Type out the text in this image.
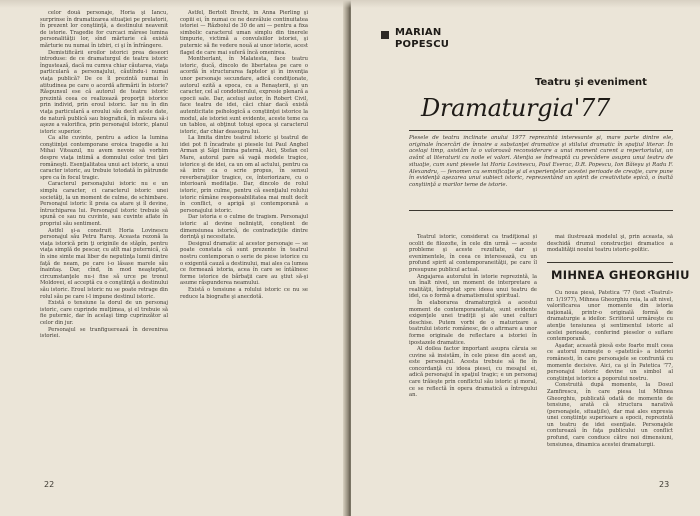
celor două personaje, Horia şi Iancu, surprinse în dramatizarea situaţiei pe prelatorii, în prezent lor conştiinţă, a destinului neavenit de istorie. Tragedie for curcaci mărese lumina personalităţii lor, sînd mărturie că există mărturie nu numai în izbiri, ci şi în înfrângere.

Demistificării eroilor istorici prea deseori introduse: de ce dramaturgul de teatru istoric îngustează, dacă nu cumva chiar căutarea, viaţa particulară a personajului, căutîndu-i numai viaţa publică? De ce îl prezintă numai în atitudinea pe care o acordă afirmării în istorie? Răspunsul ese că autorul de teatru istoric prezintă ceea ce realizează proporţii istorice prin individ, prin eroul istoric. Iar nu în din viaţa particulară a eroului său decît acele date, de natură publică sau biografică, în măsura să-i aşeze a valorifica, prin personajul istoric, planul istoric superior.

Ca alte cuvinte, pentru a adice la lumina conştiinţei contemporane eroica tragedie a lui Mihai Viteazul, nu avem nevoie să vorbim despre viaţa intimă a domnului celor trei ţări româneşti. Esenţialitatea unui act istoric, a unui caracter istoric, au trebuie totodată în pătrunde spre ca în focul tragic.

Caracterul personajului istoric nu e un simplu caracter, ci caracterul istoric unei societăţi, la un moment de culme, de schimbare. Personajul istoric îl preia ca atare şi îl devine, întruchiparea lui. Personajul istoric trebuie să spună ce sau nu cuvinte, sau cuvinte aflate în propriul său sentiment.

Astfel şi-a construit Horia Lovinescu personajul său Petru Rareş. Aceasta rezonă la viaţa istorică prin ţi originile de stăpîn, pentru viaţa simplă de pescar, cu atît mai puternică, că în sine simte mai liber de neputinţa lumii dintre faţă de neam, pe care i-o lăsase marele său înaintaş. Dar, cînd, în mod neaşteptat, circumstanţele nu-i fixe să urce pe tronul Moldovei, el acceptă cu o conştiinţă a destinului său istoric. Eroul istoric nu se poate retrage din rolul său pe care i-l impune destinul istoric.

Există o tensiune la dorul de un personaj istoric, care cuprinde mulţimea, şi el trebuie să fie puternic, dar în acelaşi timp cuprinzător al celor din jur.

Personajul se tranfiguerează în devenirea istoriei.

Astfel, Bertolt Brecht, în Anna Pierling şi copiii ei, în numai ce ne dezvăluie continuitatea istoriei — Războiul de 30 de ani — pentru a fixa simbolic caracterul uman simplu din tinerele timpurie, victimă a convulsiilor istoriei, şi puternic să fie vedere nouă ai unor istorie, acest flagel de care mai suferă încă omenirea.

Montherlant, în Malatesta, face teatru istoric, ducă, dincolo de libertatea pe care o acordă în structurarea faptelor şi în invenţia unor personaje secundare, adică condiţionate, autorul ezită a epoca, cu a Renaşterii, şi un caracter, cel al condotierului, expresie plenară a epocii sale. Dar, aceluşi autor, în Robert Civil, face teatru de idei, căci chiar dacă există autenticitate psihologică a conştiinţei istorice la modul, ale istoriei sunt evidente, aceste teme ca un tablou, ai obţinut totuşi epoca şi caracterul istoric, dar chiar deasupra lui.

La limita dintre teatrul istoric şi teatrul de idei pot fi încadrate şi piesele lui Paul Anghel Arman şi Săpi limina paternă, Aici, Stefan cel Mare, autorul pare să vagă modele tragice, istorice şi de idei, ca un om al actului, pentru ca să intre ca o scrie propus, în sensul reverberaţiilor tragice, ce, înteriorizare, cu o interioară meditaţie. Dar, dincolo de rolul istoric, prin culme, pentru că esenţialul rolului istoric rămâne responsabilitatea mai mult decît în conflict, o aprigă şi contemporană a personajului istoric.

Dar istoria e o culme de tragism. Personajul istoric al devine neliniştit, conştient de dimensiunea istorică, de contradicţiile dintre dorinţă şi necesitate.

Designul dramatic al acestor personaje — se poate constata că sunt prezente în teatrul nostru contemporan o serie de piese istorice cu o exigentă cauză a destinului, mai ales ca lumea ce formează istoria, acea în care se întâlnesc forme istorice de bărbaţii care au ştiut să-şi asume răspunderea neamului.

Există o tensiune a rolului istoric ce nu se reduce la biografie şi anecdotă.

22
MARIAN
POPESCU
Teatru şi eveniment
Dramaturgia'77
Piesele de teatru înclinate anului 1977 reprezintă interesante şi, mare parte dintre ele, originale încercări de înnoire a substanţei dramatice şi stilului dramatic în spaţiul literar. În acelaşi timp, asistăm la o valoroasă reconsiderare a unui moment curent a repertoriului, un avânt al literaturii cu noile ei valori. Atenţia se îndreaptă cu precădere asupra unui teatru de situaţie, cum sunt piesele lui Horia Lovinescu, Paul Everac, D.R. Popescu, Ion Băieşu şi Radu F. Alexandru, — fenomen cu semnificaţie şi al experienţelor acestei perioade de creaţie, care pune în evidenţă aşezarea unui subiect istoric, reprezentând un spirit de creativitate epică, o înaltă conştiinţă a marilor teme de istorie.

Teatrul istoric, considerat ca tradiţional și ocolit de filozofie, în cele din urmă — aceste probleme şi aceste rezultate, dar şi evenimentele, în ceea ce interesează, cu un profund spirit al contemporaneităţii, pe care îl presupune publicul actual.

Angajarea autorului în istorie reprezintă, la un înalt nivel, un moment de interpretare a realităţii, îndreptat spre ideea unui teatru de idei, ca o formă a dramatismului spiritual.

În elaborarea dramaturgică a acestui moment de contemporaneitate, sunt evidente exigenţele unei tradiţii şi ale unei culturi deschise. Putem vorbi de o maturizare a teatrului istoric românesc, de o afirmare a unor forme originale de reflectare a istoriei în ipostazele dramatice.

Al doilea factor important asupra căruia se cuvine să insistăm, în cele piese din acest an, este personajul. Acesta trebuie să fie în concordanţă cu ideea piesei, cu mesajul ei, adică personajul în spaţiul tragic; e un personaj care trăieşte prin conflictul său istoric şi moral, ce se reflectă în opera dramatică a întregului an.

mai ilustrează modelul şi, prin aceasta, să deschidă drumul construcţiei dramatice a modalităţii noului teatru istoric-politic.

MIHNEA GHEORGHIU

Cu noua piesă, Patetica '77 (text «Teatrul» nr. 1/1977), Mihnea Gheorghiu reia, la alt nivel, valorificarea unor momente din istoria naţională, printr-o originală formă de dramaturgie a ideilor. Scriitorul urmăreşte cu atenţie tensiunea şi sentimentul istoric al acelei perioade, conferind pieselor o suflare contemporană.

Aşadar, această piesă este foarte mult ceea ce autorul numeşte o «patetică» a istoriei românesti, în care personajele se confruntă cu momente decisive. Aici, ca şi în Patetica '77, personajul istoric devine un simbol al conştiinţei istorice a poporului nostru.

Construită după momente, la Dosul Zamfirescu, în care piesa lui Mihnea Gheorghiu, publicată odată de momente de tensiune, arată că structura narativă (personajele, situaţiile), dar mai ales expresia unei conştiinţe superioare a epocii, reprezintă un teatru de idei esenţiale. Personajele conturează în faţa publicului un conflict profund, care conduce către noi dimensiuni, tensiunea, dinamica acestei dramaturgii.

23
